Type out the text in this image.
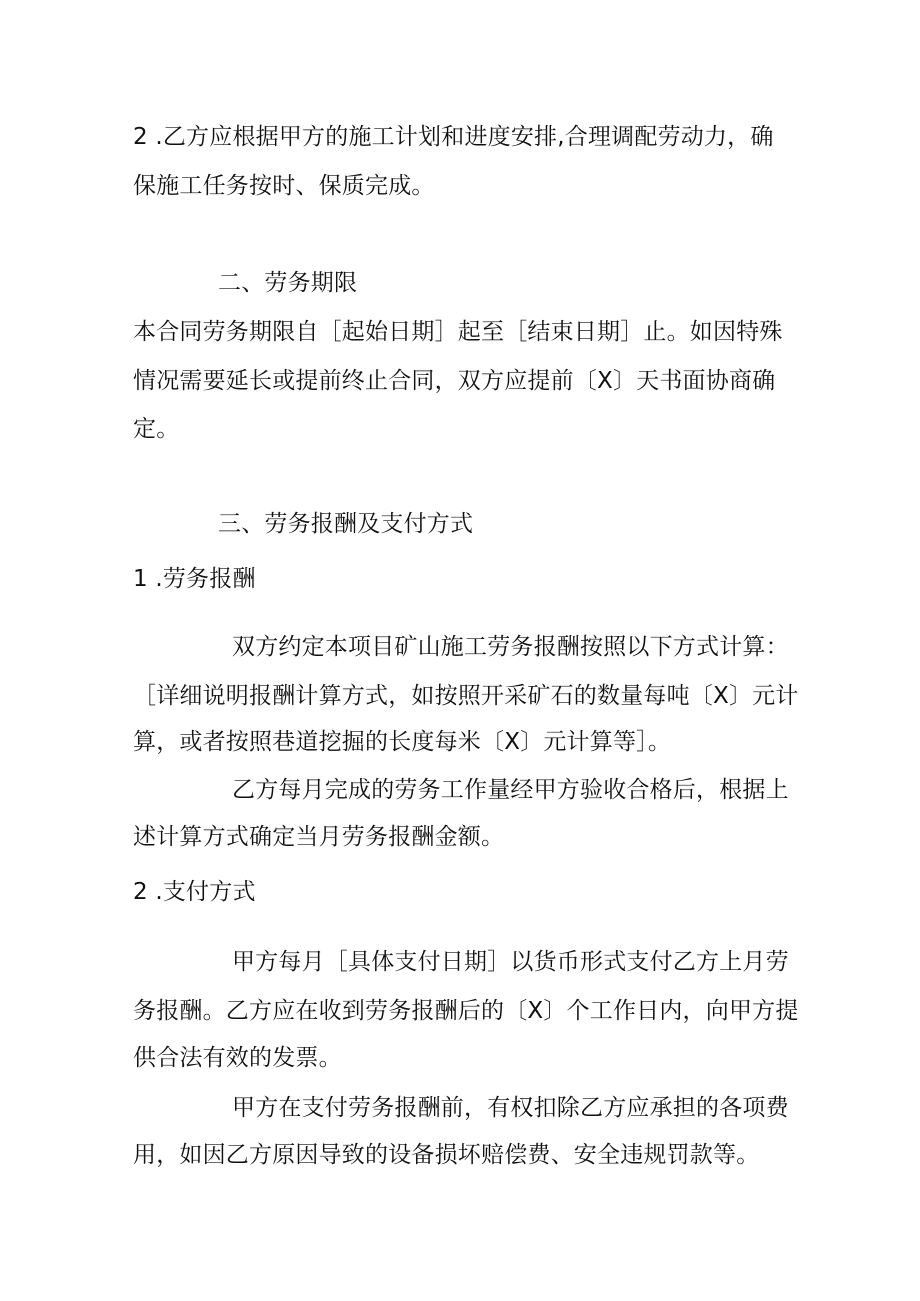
2 .乙方应根据甲方的施工计划和进度安排,合理调配劳动力，确
保施工任务按时、保质完成。
二、劳务期限
本合同劳务期限自［起始日期］起至［结束日期］止。如因特殊
情况需要延长或提前终止合同，双方应提前〔X〕天书面协商确
定。
三、劳务报酬及支付方式
1 .劳务报酬
双方约定本项目矿山施工劳务报酬按照以下方式计算：
［详细说明报酬计算方式，如按照开采矿石的数量每吨〔X〕元计
算，或者按照巷道挖掘的长度每米〔X〕元计算等］。
乙方每月完成的劳务工作量经甲方验收合格后，根据上
述计算方式确定当月劳务报酬金额。
2 .支付方式
甲方每月［具体支付日期］以货币形式支付乙方上月劳
务报酬。乙方应在收到劳务报酬后的〔X〕个工作日内，向甲方提
供合法有效的发票。
甲方在支付劳务报酬前，有权扣除乙方应承担的各项费
用，如因乙方原因导致的设备损坏赔偿费、安全违规罚款等。
